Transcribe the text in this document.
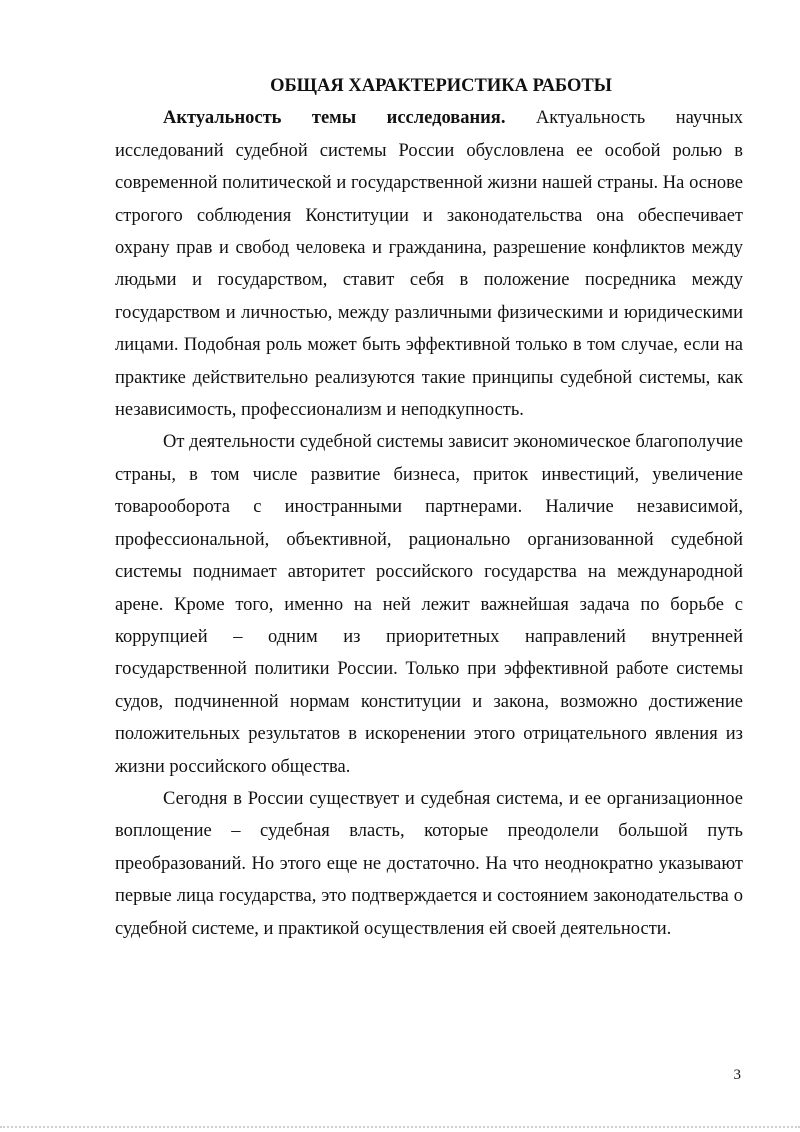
ОБЩАЯ ХАРАКТЕРИСТИКА РАБОТЫ

Актуальность темы исследования. Актуальность научных исследований судебной системы России обусловлена ее особой ролью в современной политической и государственной жизни нашей страны. На основе строгого соблюдения Конституции и законодательства она обеспечивает охрану прав и свобод человека и гражданина, разрешение конфликтов между людьми и государством, ставит себя в положение посредника между государством и личностью, между различными физическими и юридическими лицами. Подобная роль может быть эффективной только в том случае, если на практике действительно реализуются такие принципы судебной системы, как независимость, профессионализм и неподкупность.

От деятельности судебной системы зависит экономическое благополучие страны, в том числе развитие бизнеса, приток инвестиций, увеличение товарооборота с иностранными партнерами. Наличие независимой, профессиональной, объективной, рационально организованной судебной системы поднимает авторитет российского государства на международной арене. Кроме того, именно на ней лежит важнейшая задача по борьбе с коррупцией – одним из приоритетных направлений внутренней государственной политики России. Только при эффективной работе системы судов, подчиненной нормам конституции и закона, возможно достижение положительных результатов в искоренении этого отрицательного явления из жизни российского общества.

Сегодня в России существует и судебная система, и ее организационное воплощение – судебная власть, которые преодолели большой путь преобразований. Но этого еще не достаточно. На что неоднократно указывают первые лица государства, это подтверждается и состоянием законодательства о судебной системе, и практикой осуществления ей своей деятельности.

3
